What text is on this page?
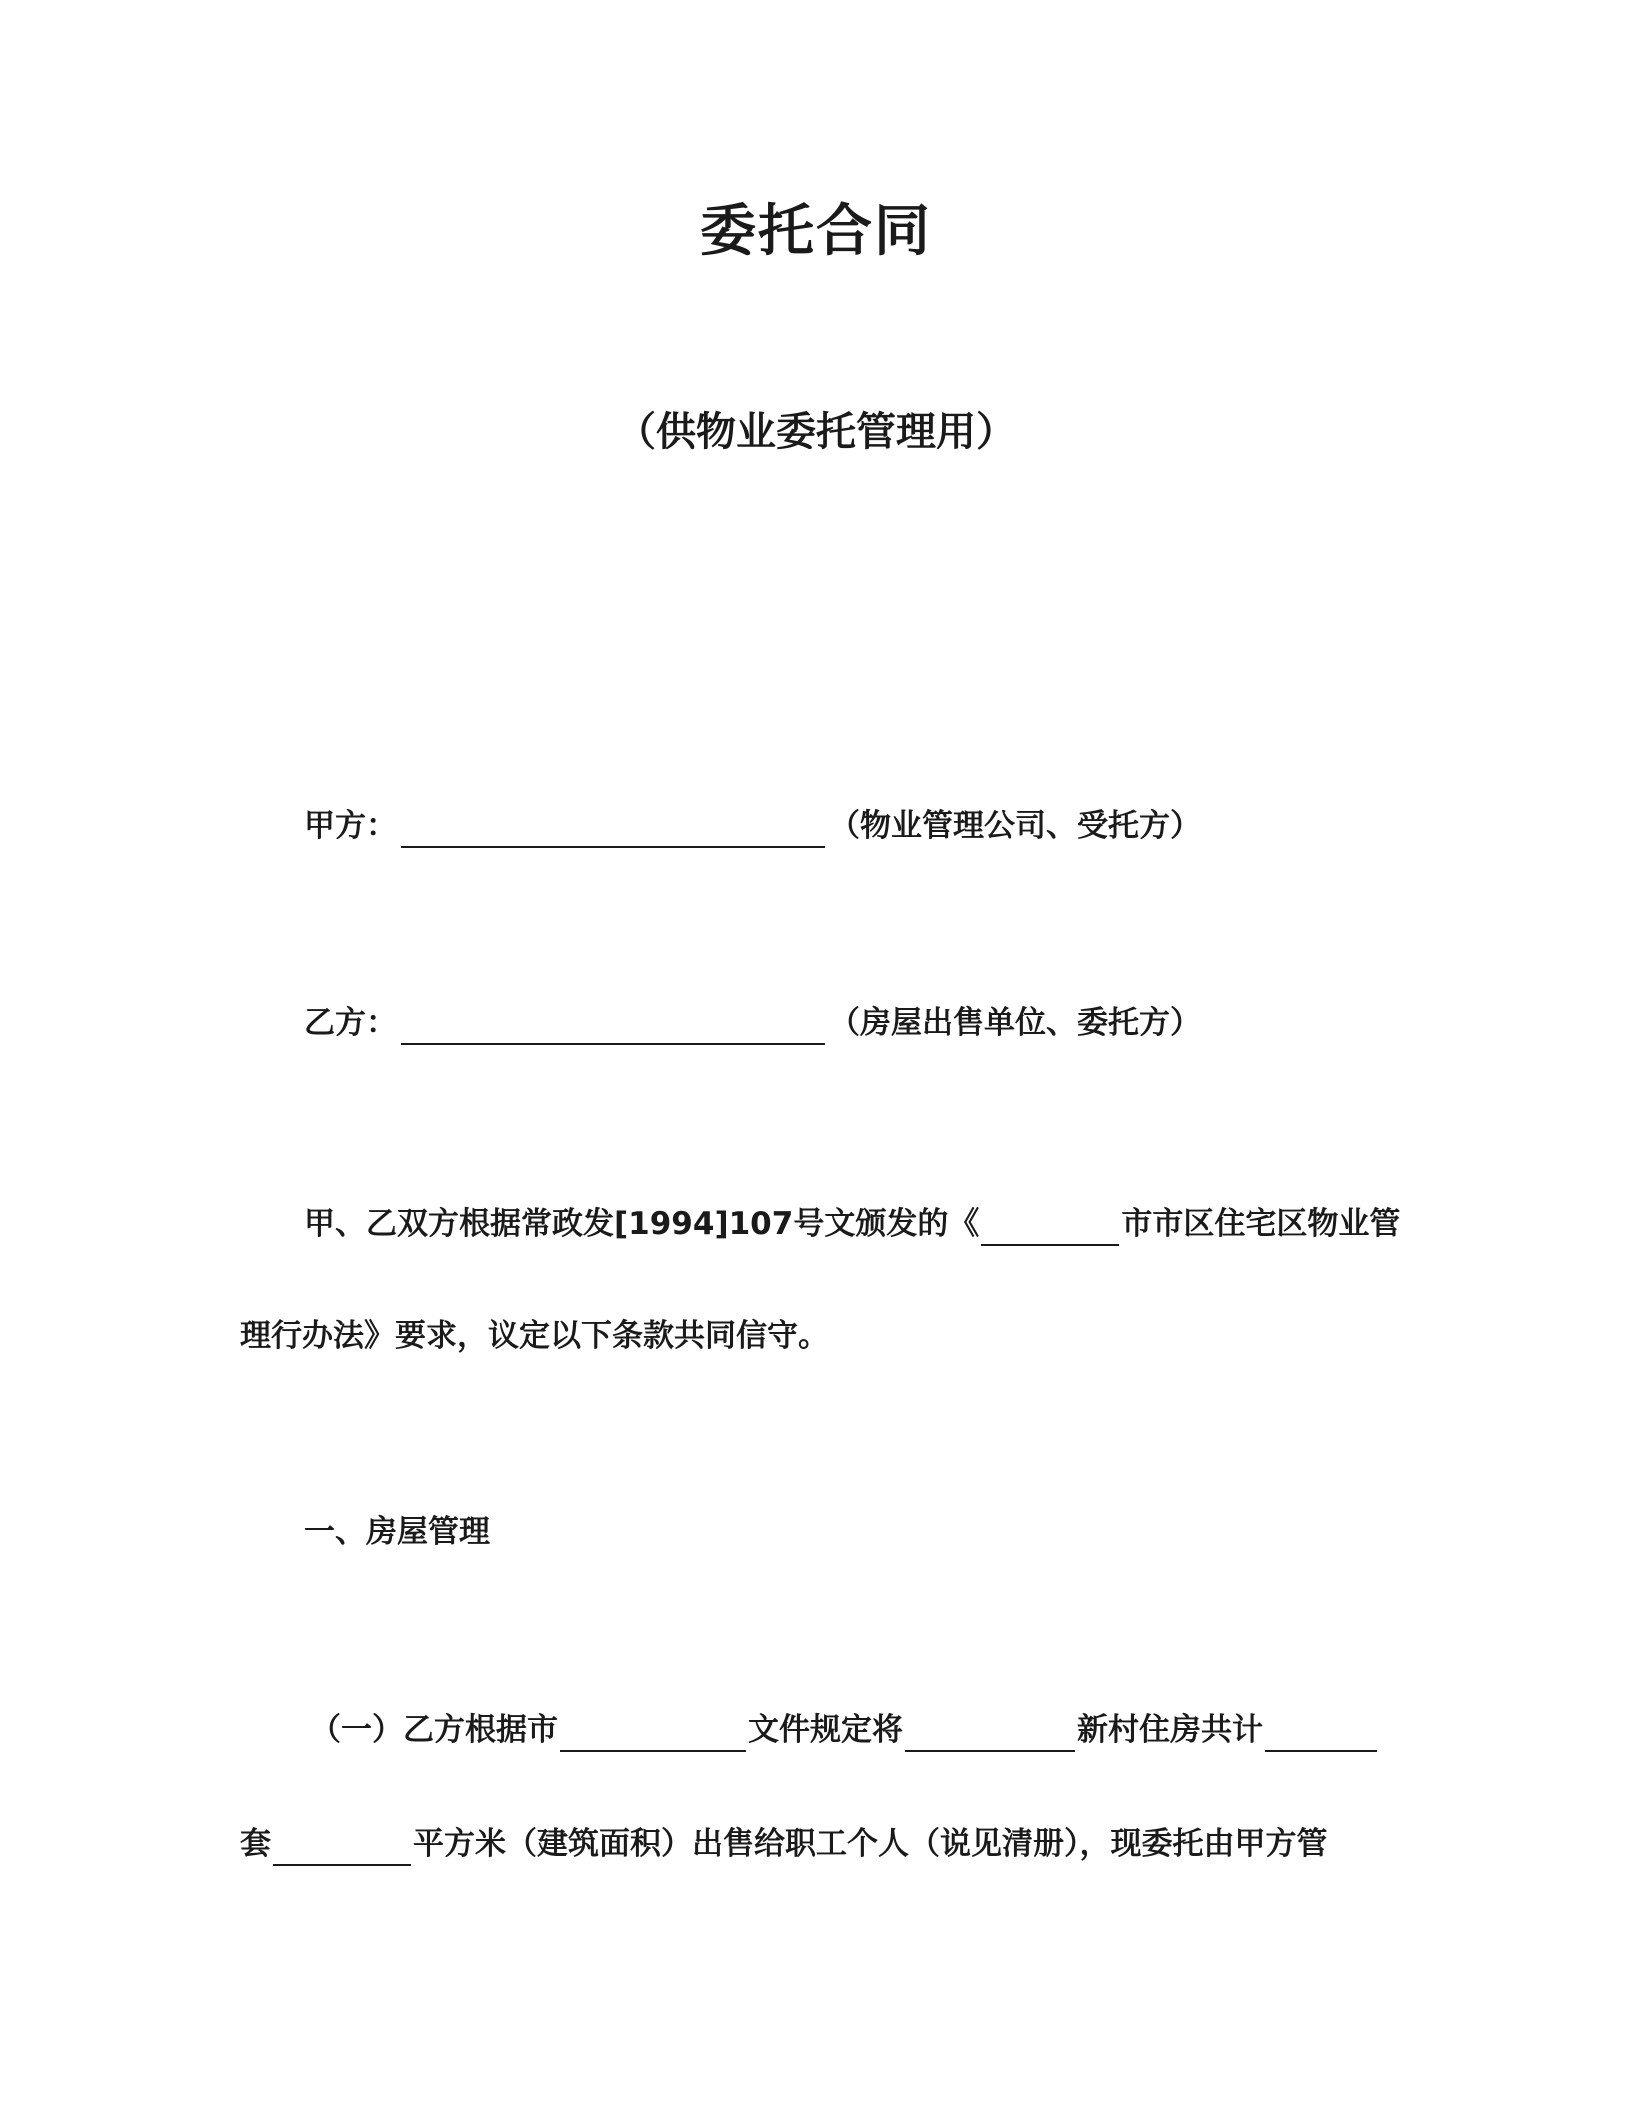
委托合同
（供物业委托管理用）
甲方：	（物业管理公司、受托方）
乙方：	（房屋出售单位、委托方）
甲、乙双方根据常政发[1994]107号文颁发的《	市市区住宅区物业管
理行办法》要求，议定以下条款共同信守。
一、房屋管理
（一）乙方根据市	文件规定将	新村住房共计
套	平方米（建筑面积）出售给职工个人（说见清册），现委托由甲方管
